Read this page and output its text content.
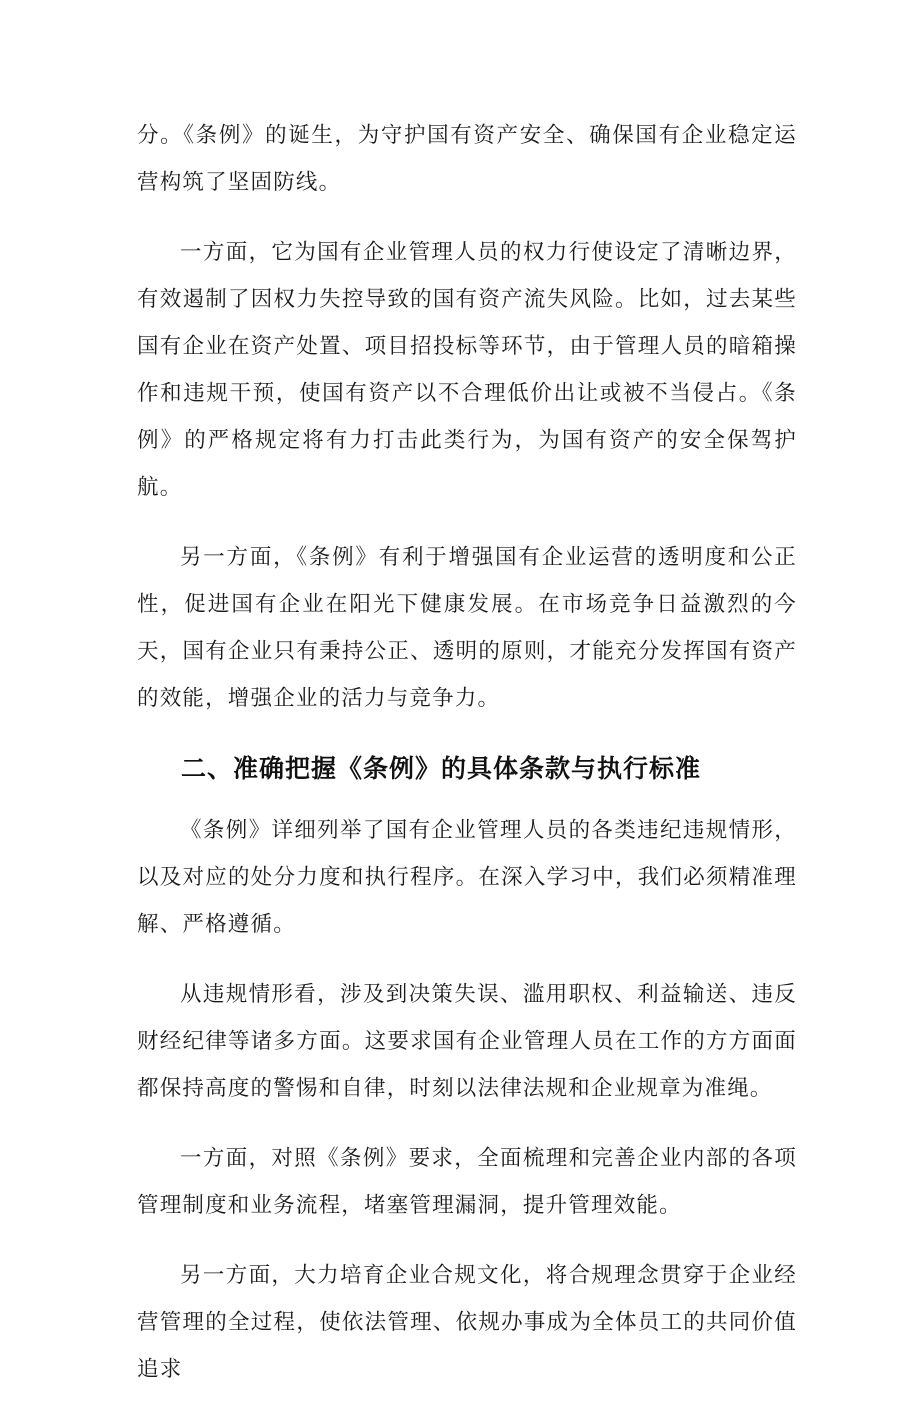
分。《条例》的诞生，为守护国有资产安全、确保国有企业稳定运营构筑了坚固防线。

一方面，它为国有企业管理人员的权力行使设定了清晰边界，有效遏制了因权力失控导致的国有资产流失风险。比如，过去某些国有企业在资产处置、项目招投标等环节，由于管理人员的暗箱操作和违规干预，使国有资产以不合理低价出让或被不当侵占。《条例》的严格规定将有力打击此类行为，为国有资产的安全保驾护航。

另一方面，《条例》有利于增强国有企业运营的透明度和公正性，促进国有企业在阳光下健康发展。在市场竞争日益激烈的今天，国有企业只有秉持公正、透明的原则，才能充分发挥国有资产的效能，增强企业的活力与竞争力。

二、准确把握《条例》的具体条款与执行标准

《条例》详细列举了国有企业管理人员的各类违纪违规情形，以及对应的处分力度和执行程序。在深入学习中，我们必须精准理解、严格遵循。

从违规情形看，涉及到决策失误、滥用职权、利益输送、违反财经纪律等诸多方面。这要求国有企业管理人员在工作的方方面面都保持高度的警惕和自律，时刻以法律法规和企业规章为准绳。

一方面，对照《条例》要求，全面梳理和完善企业内部的各项管理制度和业务流程，堵塞管理漏洞，提升管理效能。

另一方面，大力培育企业合规文化，将合规理念贯穿于企业经营管理的全过程，使依法管理、依规办事成为全体员工的共同价值追求
